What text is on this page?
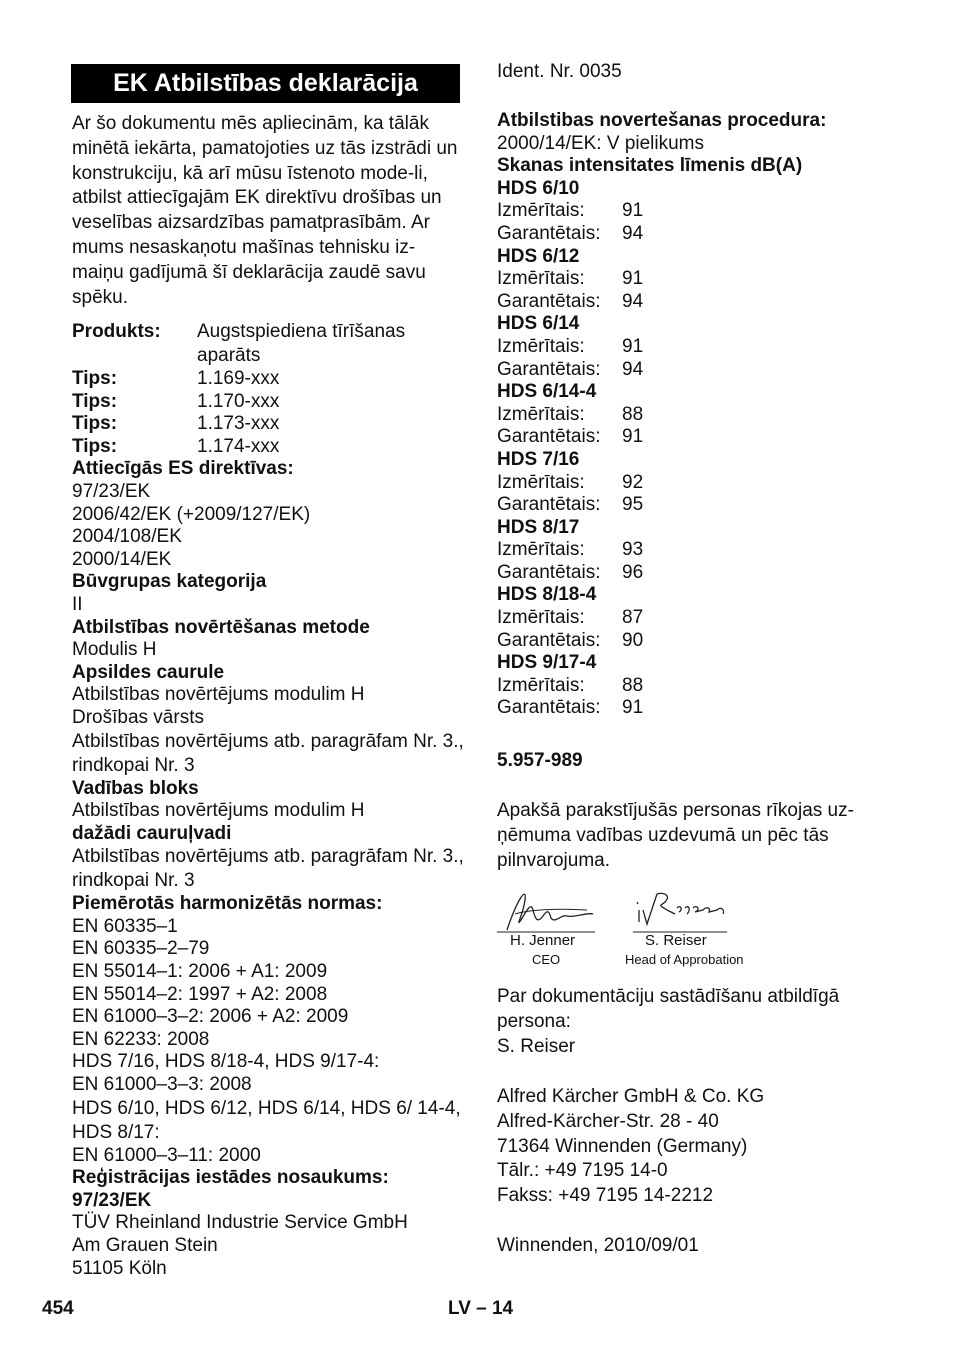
EK Atbilstības deklarācija
Ar šo dokumentu mēs apliecinām, ka tālāk minētā iekārta, pamatojoties uz tās izstrādi un konstrukciju, kā arī mūsu īstenoto mode-li, atbilst attiecīgajām EK direktīvu drošības un veselības aizsardzības pamatprasībām. Ar mums nesaskaņotu mašīnas tehnisku iz-maiņu gadījumā šī deklarācija zaudē savu spēku.
Produkts:	Augstspiediena tīrīšanas aparāts
Tips:	1.169-xxx
Tips:	1.170-xxx
Tips:	1.173-xxx
Tips:	1.174-xxx
Attiecīgās ES direktīvas:
97/23/EK
2006/42/EK (+2009/127/EK)
2004/108/EK
2000/14/EK
Būvgrupas kategorija
II
Atbilstības novērtēšanas metode
Modulis H
Apsildes caurule
Atbilstības novērtējums modulim H
Drošības vārsts
Atbilstības novērtējums atb. paragrāfam Nr. 3., rindkopai Nr. 3
Vadības bloks
Atbilstības novērtējums modulim H
dažādi cauruļvadi
Atbilstības novērtējums atb. paragrāfam Nr. 3., rindkopai Nr. 3
Piemērotās harmonizētās normas:
EN 60335–1
EN 60335–2–79
EN 55014–1: 2006 + A1: 2009
EN 55014–2: 1997 + A2: 2008
EN 61000–3–2: 2006 + A2: 2009
EN 62233: 2008
HDS 7/16, HDS 8/18-4, HDS 9/17-4:
EN 61000–3–3: 2008
HDS 6/10, HDS 6/12, HDS 6/14, HDS 6/ 14-4, HDS 8/17:
EN 61000–3–11: 2000
Reģistrācijas iestādes nosaukums:
97/23/EK
TÜV Rheinland Industrie Service GmbH
Am Grauen Stein
51105 Köln
Ident. Nr. 0035
Atbilstibas novertešanas procedura:
2000/14/EK: V pielikums
Skanas intensitates līmenis dB(A)
HDS 6/10
Izmērītais:	91
Garantētais:	94
HDS 6/12
Izmērītais:	91
Garantētais:	94
HDS 6/14
Izmērītais:	91
Garantētais:	94
HDS 6/14-4
Izmērītais:	88
Garantētais:	91
HDS 7/16
Izmērītais:	92
Garantētais:	95
HDS 8/17
Izmērītais:	93
Garantētais:	96
HDS 8/18-4
Izmērītais:	87
Garantētais:	90
HDS 9/17-4
Izmērītais:	88
Garantētais:	91
5.957-989
Apakšā parakstījušās personas rīkojas uz-ņēmuma vadības uzdevumā un pēc tās pilnvarojuma.
H. Jenner
CEO
S. Reiser
Head of Approbation
Par dokumentāciju sastādīšanu atbildīgā persona:
S. Reiser
Alfred Kärcher GmbH & Co. KG
Alfred-Kärcher-Str. 28 - 40
71364 Winnenden (Germany)
Tālr.: +49 7195 14-0
Fakss: +49 7195 14-2212
Winnenden, 2010/09/01
454	LV – 14
